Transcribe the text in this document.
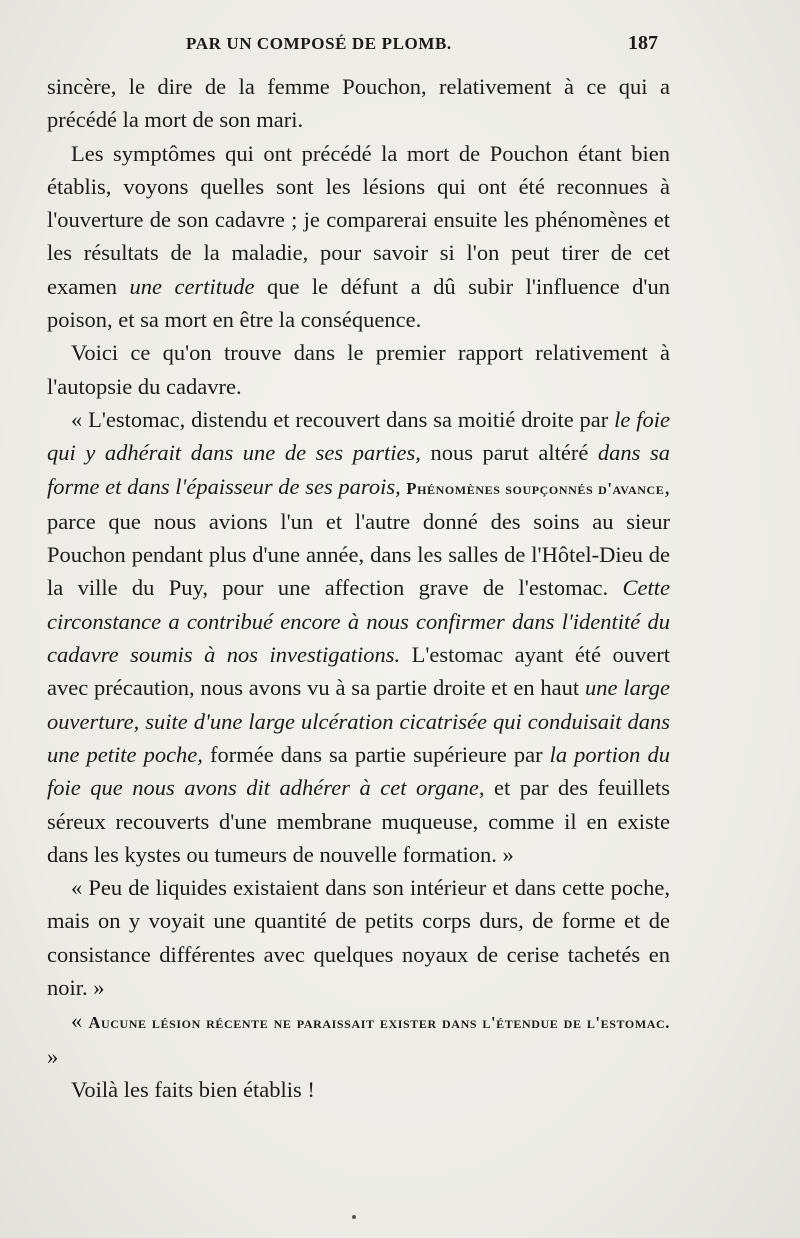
PAR UN COMPOSÉ DE PLOMB.	187

sincère, le dire de la femme Pouchon, relativement à ce qui a précédé la mort de son mari.

Les symptômes qui ont précédé la mort de Pouchon étant bien établis, voyons quelles sont les lésions qui ont été reconnues à l'ouverture de son cadavre ; je comparerai ensuite les phénomènes et les résultats de la maladie, pour savoir si l'on peut tirer de cet examen une certitude que le défunt a dû subir l'influence d'un poison, et sa mort en être la conséquence.

Voici ce qu'on trouve dans le premier rapport relativement à l'autopsie du cadavre.

« L'estomac, distendu et recouvert dans sa moitié droite par le foie qui y adhérait dans une de ses parties, nous parut altéré dans sa forme et dans l'épaisseur de ses parois, Phénomènes soupçonnés d'avance, parce que nous avions l'un et l'autre donné des soins au sieur Pouchon pendant plus d'une année, dans les salles de l'Hôtel-Dieu de la ville du Puy, pour une affection grave de l'estomac. Cette circonstance a contribué encore à nous confirmer dans l'identité du cadavre soumis à nos investigations. L'estomac ayant été ouvert avec précaution, nous avons vu à sa partie droite et en haut une large ouverture, suite d'une large ulcération cicatrisée qui conduisait dans une petite poche, formée dans sa partie supérieure par la portion du foie que nous avons dit adhérer à cet organe, et par des feuillets séreux recouverts d'une membrane muqueuse, comme il en existe dans les kystes ou tumeurs de nouvelle formation. »

« Peu de liquides existaient dans son intérieur et dans cette poche, mais on y voyait une quantité de petits corps durs, de forme et de consistance différentes avec quelques noyaux de cerise tachetés en noir. »

« Aucune lésion récente ne paraissait exister dans l'étendue de l'estomac. »

Voilà les faits bien établis !
